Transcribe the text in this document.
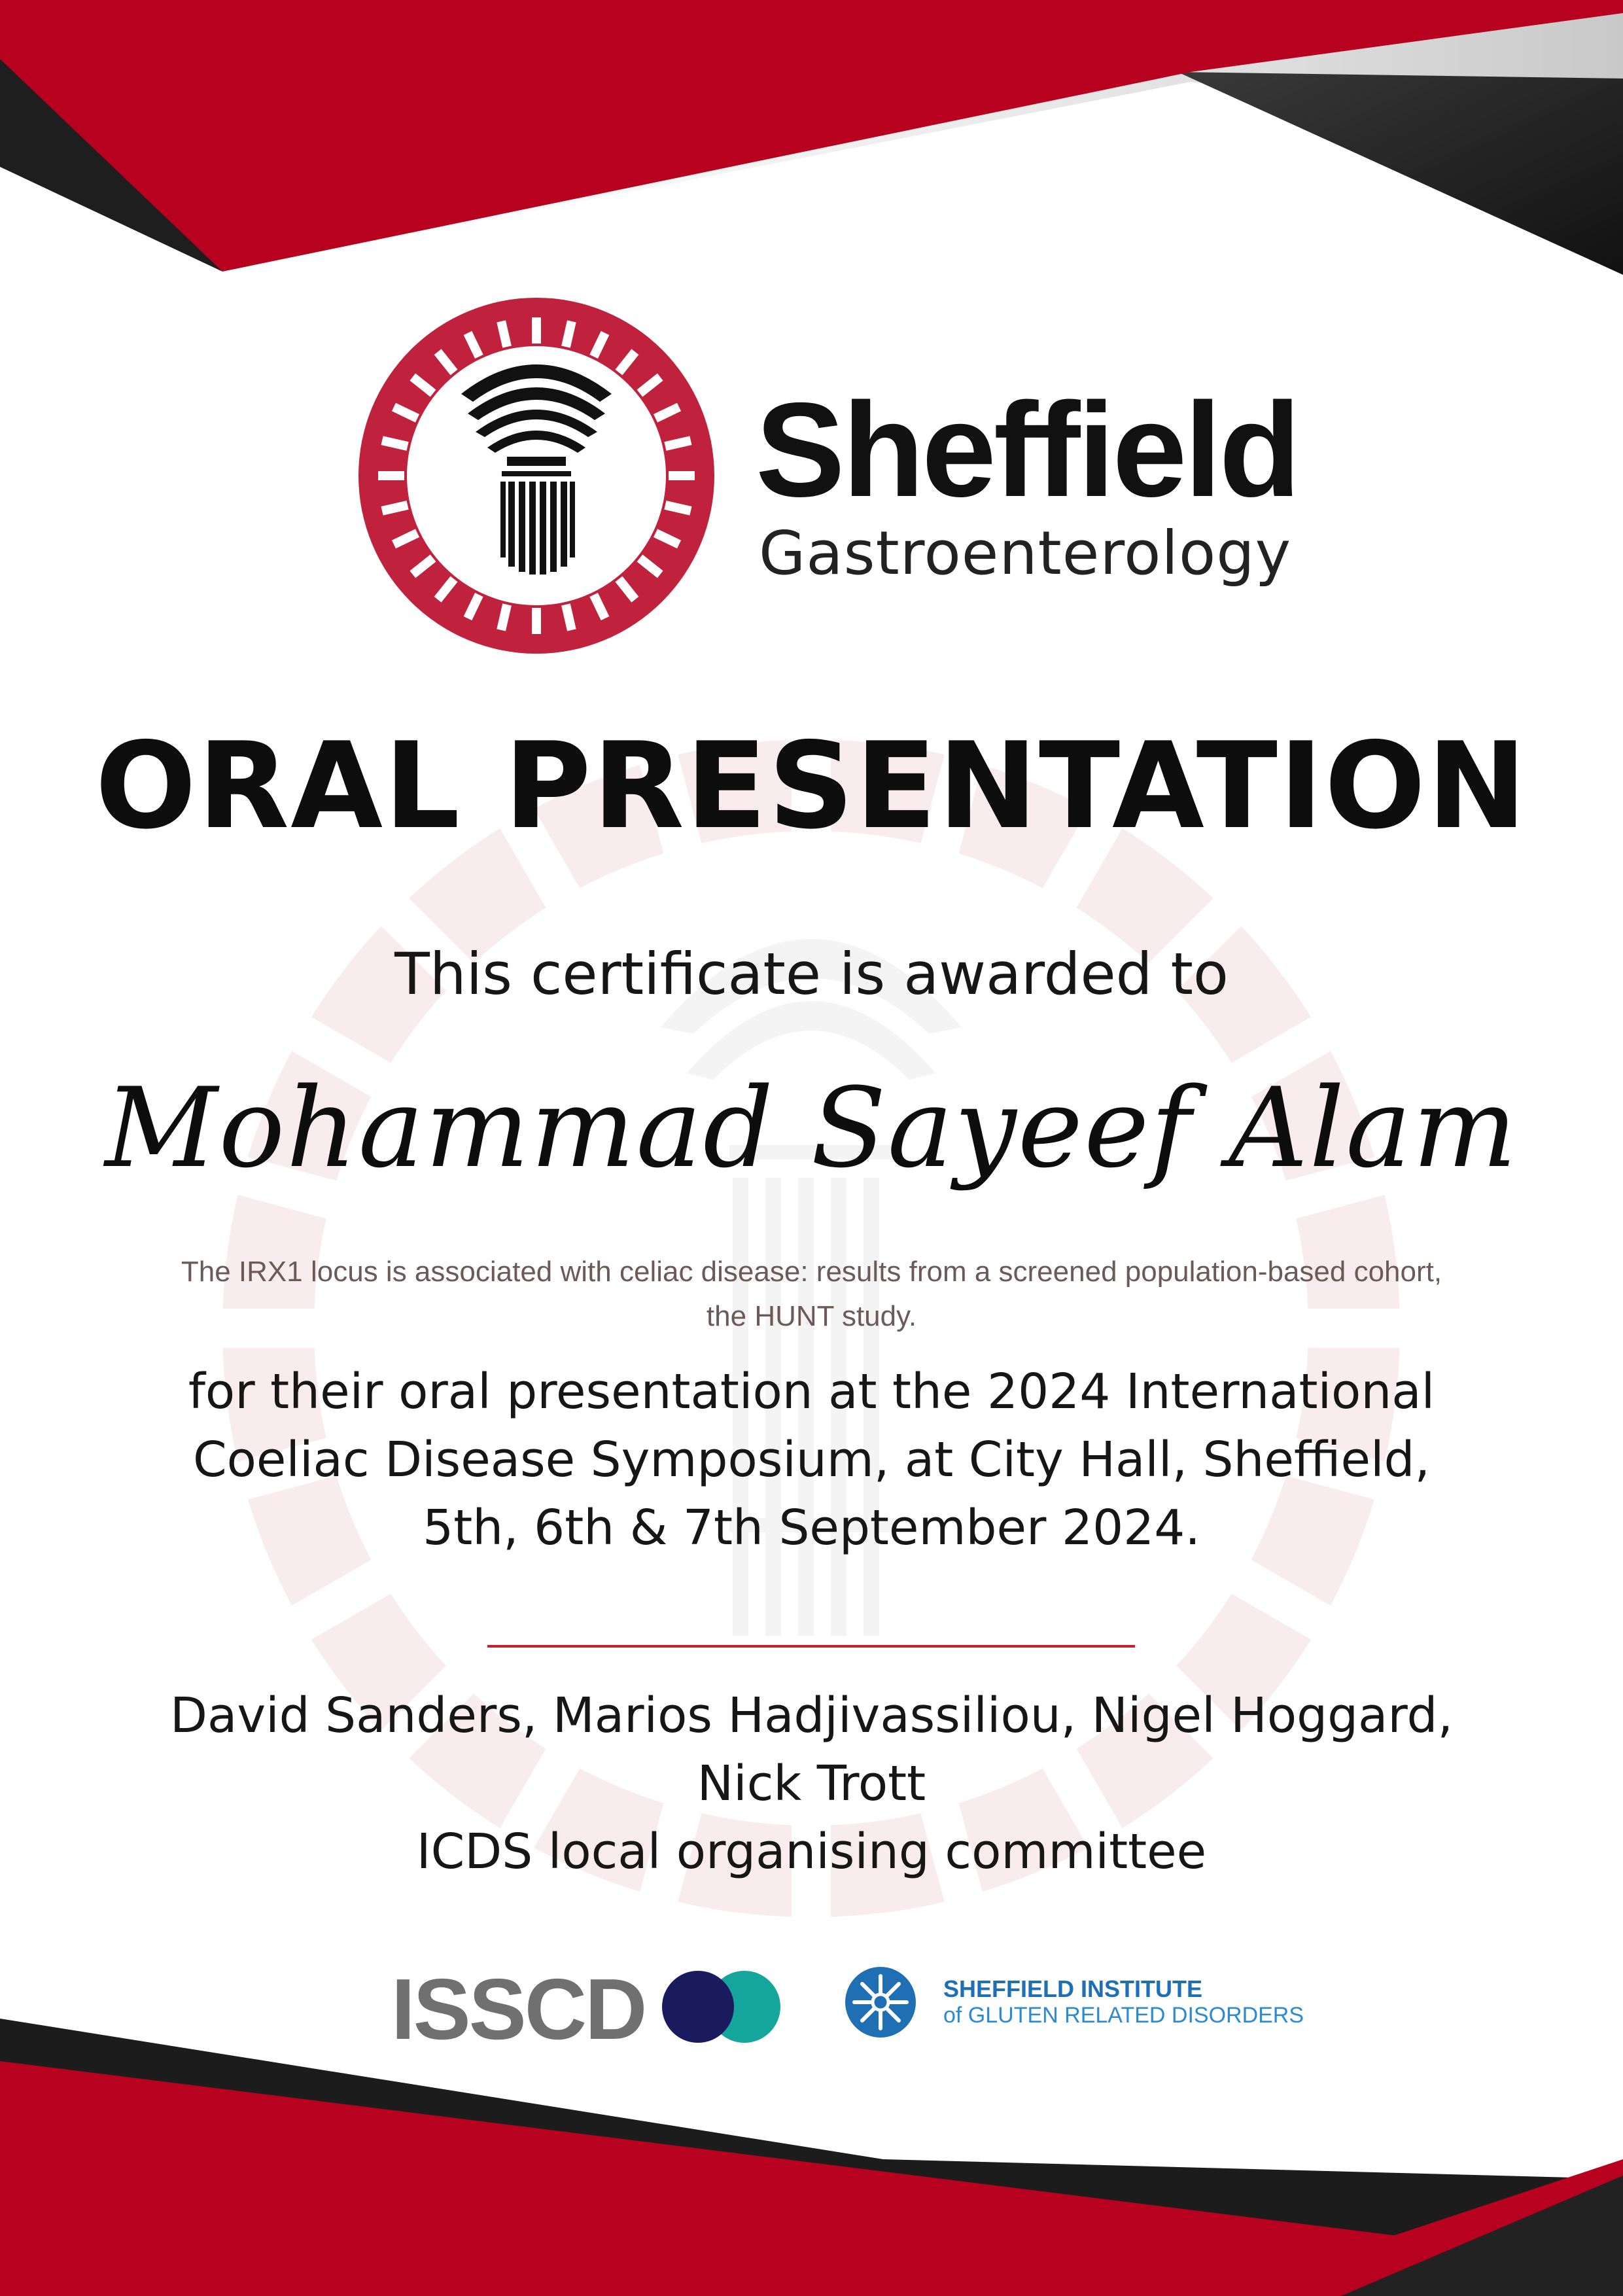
Sheffield
Gastroenterology
ORAL PRESENTATION
This certificate is awarded to
Mohammad Sayeef Alam
The IRX1 locus is associated with celiac disease: results from a screened population-based cohort,
the HUNT study.
for their oral presentation at the 2024 International
Coeliac Disease Symposium, at City Hall, Sheffield,
5th, 6th & 7th September 2024.
David Sanders, Marios Hadjivassiliou, Nigel Hoggard,
Nick Trott
ICDS local organising committee
ISSCD	SHEFFIELD INSTITUTE
of GLUTEN RELATED DISORDERS
